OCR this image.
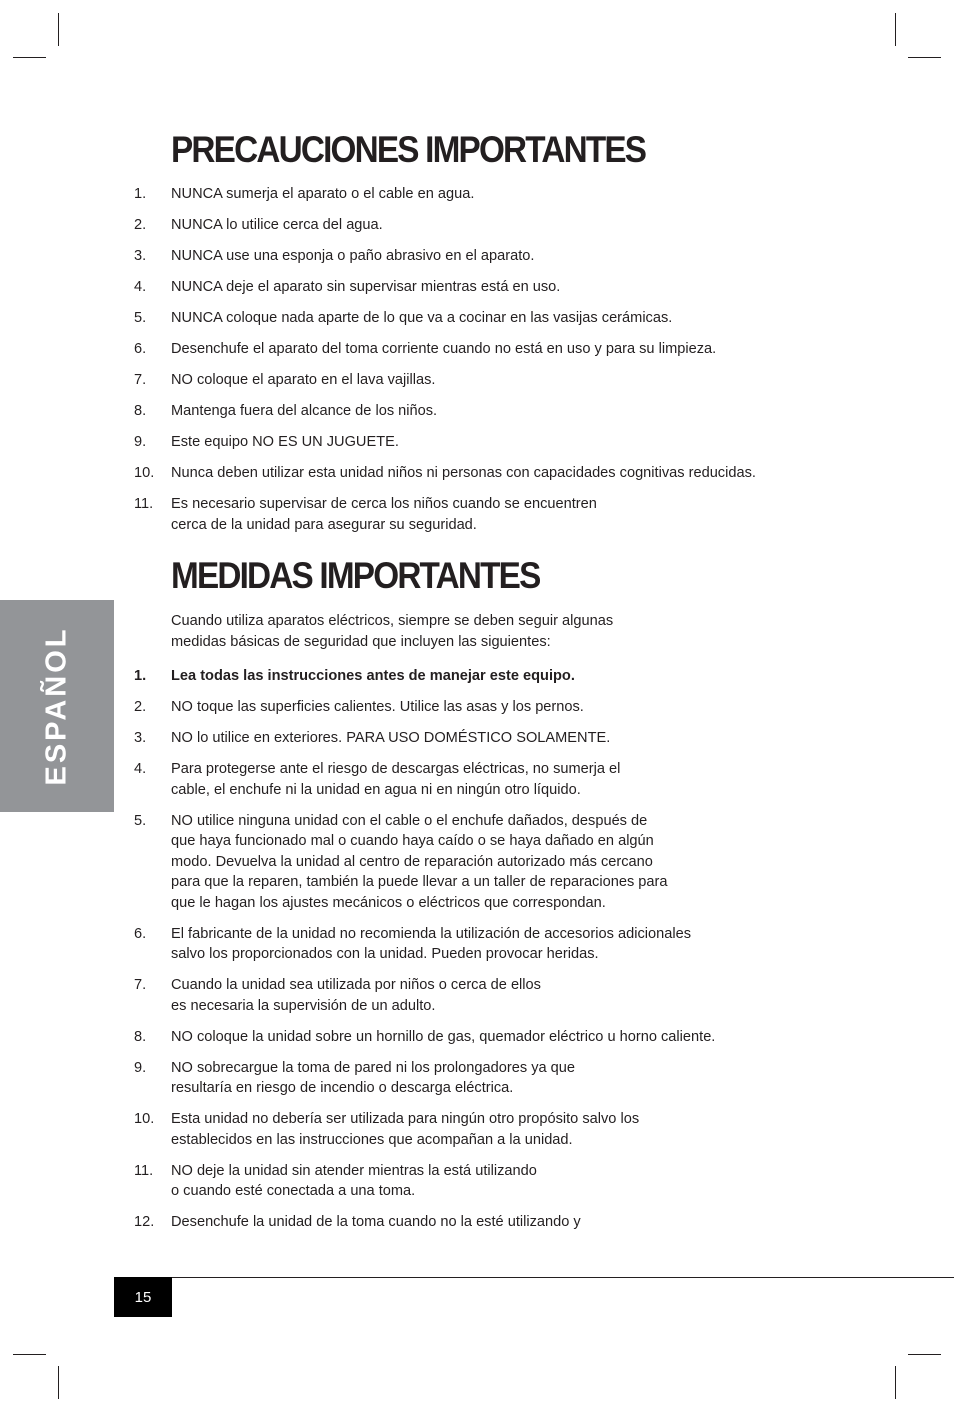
ESPAÑOL
PRECAUCIONES IMPORTANTES
1. NUNCA sumerja el aparato o el cable en agua.
2. NUNCA lo utilice cerca del agua.
3. NUNCA use una esponja o paño abrasivo en el aparato.
4. NUNCA deje el aparato sin supervisar mientras está en uso.
5. NUNCA coloque nada aparte de lo que va a cocinar en las vasijas cerámicas.
6. Desenchufe el aparato del toma corriente cuando no está en uso y para su limpieza.
7. NO coloque el aparato en el lava vajillas.
8. Mantenga fuera del alcance de los niños.
9. Este equipo NO ES UN JUGUETE.
10. Nunca deben utilizar esta unidad niños ni personas con capacidades cognitivas reducidas.
11. Es necesario supervisar de cerca los niños cuando se encuentren
cerca de la unidad para asegurar su seguridad.
MEDIDAS IMPORTANTES
Cuando utiliza aparatos eléctricos, siempre se deben seguir algunas
medidas básicas de seguridad que incluyen las siguientes:
1. Lea todas las instrucciones antes de manejar este equipo.
2. NO toque las superficies calientes. Utilice las asas y los pernos.
3. NO lo utilice en exteriores. PARA USO DOMÉSTICO SOLAMENTE.
4. Para protegerse ante el riesgo de descargas eléctricas, no sumerja el
cable, el enchufe ni la unidad en agua ni en ningún otro líquido.
5. NO utilice ninguna unidad con el cable o el enchufe dañados, después de
que haya funcionado mal o cuando haya caído o se haya dañado en algún
modo. Devuelva la unidad al centro de reparación autorizado más cercano
para que la reparen, también la puede llevar a un taller de reparaciones para
que le hagan los ajustes mecánicos o eléctricos que correspondan.
6. El fabricante de la unidad no recomienda la utilización de accesorios adicionales
salvo los proporcionados con la unidad. Pueden provocar heridas.
7. Cuando la unidad sea utilizada por niños o cerca de ellos
es necesaria la supervisión de un adulto.
8. NO coloque la unidad sobre un hornillo de gas, quemador eléctrico u horno caliente.
9. NO sobrecargue la toma de pared ni los prolongadores ya que
resultaría en riesgo de incendio o descarga eléctrica.
10. Esta unidad no debería ser utilizada para ningún otro propósito salvo los
establecidos en las instrucciones que acompañan a la unidad.
11. NO deje la unidad sin atender mientras la está utilizando
o cuando esté conectada a una toma.
12. Desenchufe la unidad de la toma cuando no la esté utilizando y
15
